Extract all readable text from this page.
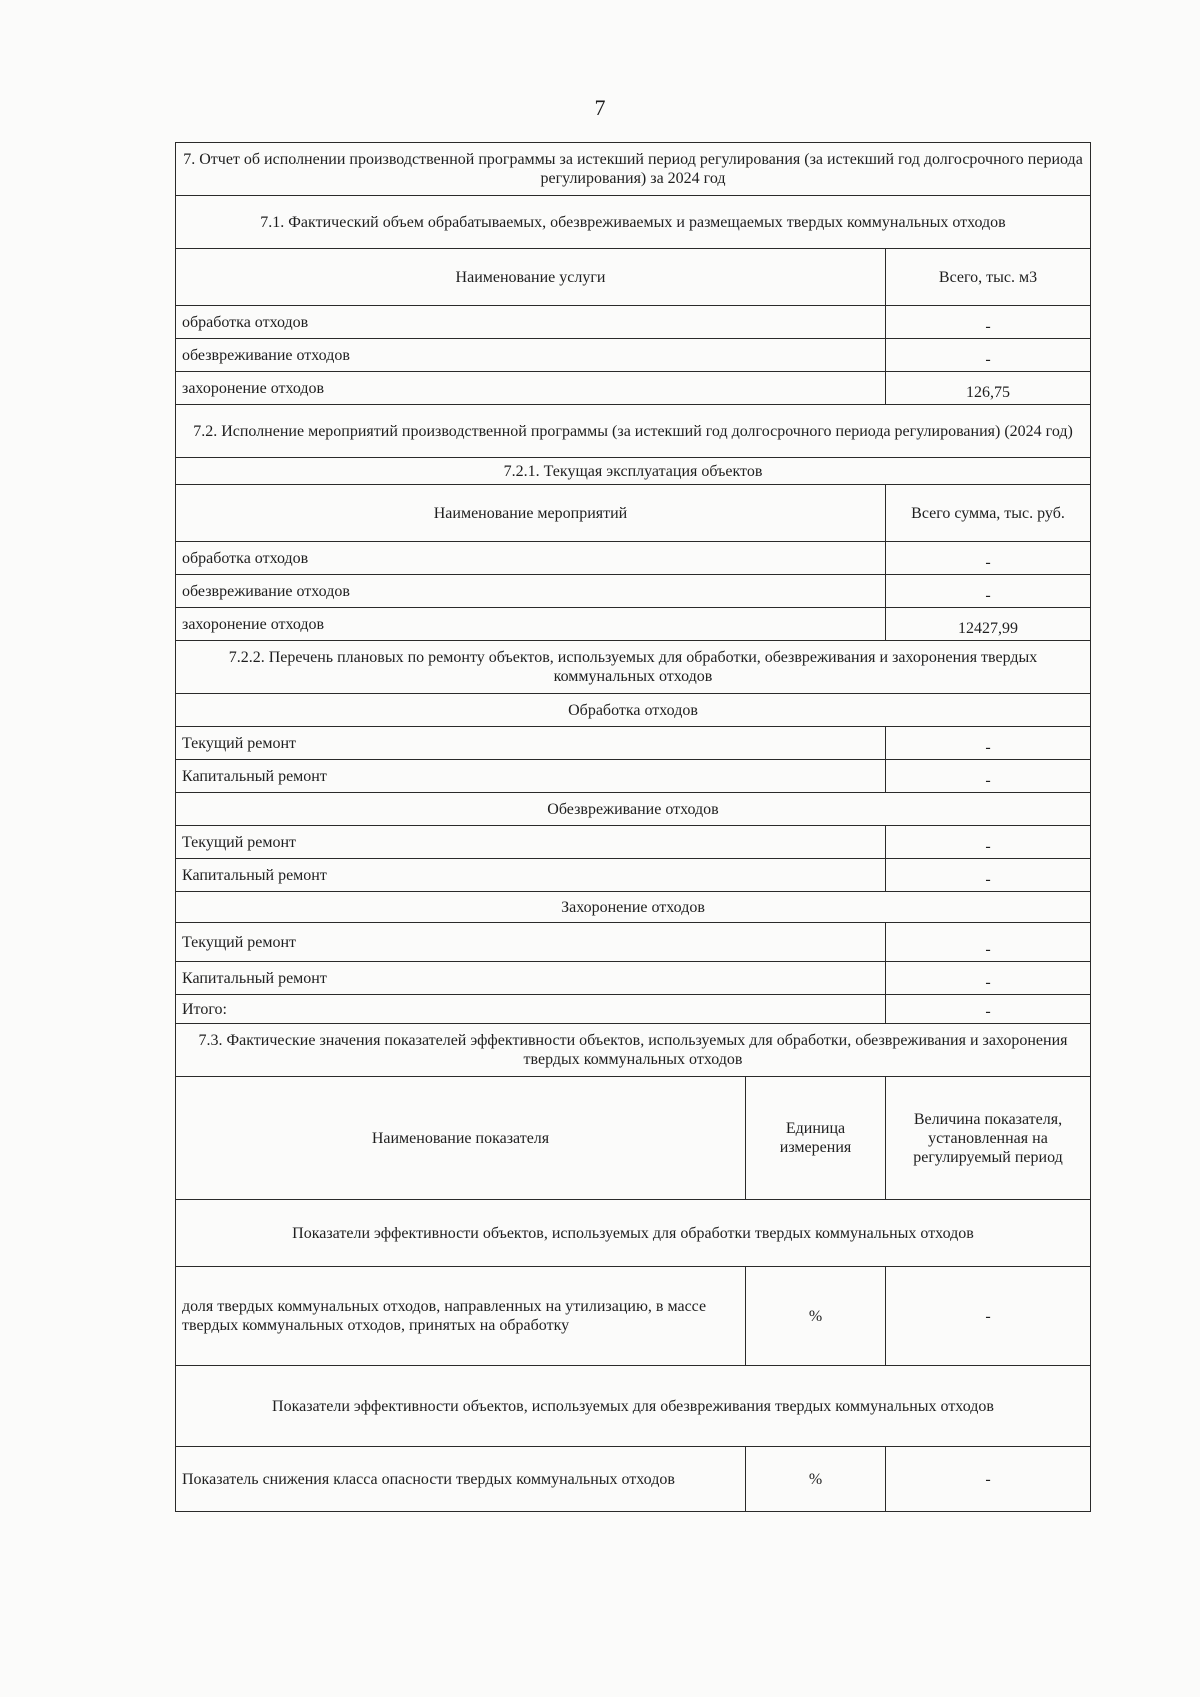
7
7. Отчет об исполнении производственной программы за истекший период регулирования (за истекший год долгосрочного периода регулирования) за 2024 год	
7.1. Фактический объем обрабатываемых, обезвреживаемых и размещаемых твердых коммунальных отходов	
Наименование услуги	Всего, тыс. м3
обработка отходов	-
обезвреживание отходов	-
захоронение отходов	126,75
7.2. Исполнение мероприятий производственной программы (за истекший год долгосрочного периода регулирования) (2024 год)	
7.2.1. Текущая эксплуатация объектов	
Наименование мероприятий	Всего сумма, тыс. руб.
обработка отходов	-
обезвреживание отходов	-
захоронение отходов	12427,99
7.2.2. Перечень плановых по ремонту объектов, используемых для обработки, обезвреживания и захоронения твердых коммунальных отходов	
Обработка отходов	
Текущий ремонт	-
Капитальный ремонт	-
Обезвреживание отходов	
Текущий ремонт	-
Капитальный ремонт	-
Захоронение отходов	
Текущий ремонт	-
Капитальный ремонт	-
Итого:	-
7.3. Фактические значения показателей эффективности объектов, используемых для обработки, обезвреживания и захоронения твердых коммунальных отходов		
Наименование показателя	Единица измерения	Величина показателя, установленная на регулируемый период
Показатели эффективности объектов, используемых для обработки твердых коммунальных отходов		
доля твердых коммунальных отходов, направленных на утилизацию, в массе твердых коммунальных отходов, принятых на обработку	%	-
Показатели эффективности объектов, используемых для обезвреживания твердых коммунальных отходов		
Показатель снижения класса опасности твердых коммунальных отходов	%	-
